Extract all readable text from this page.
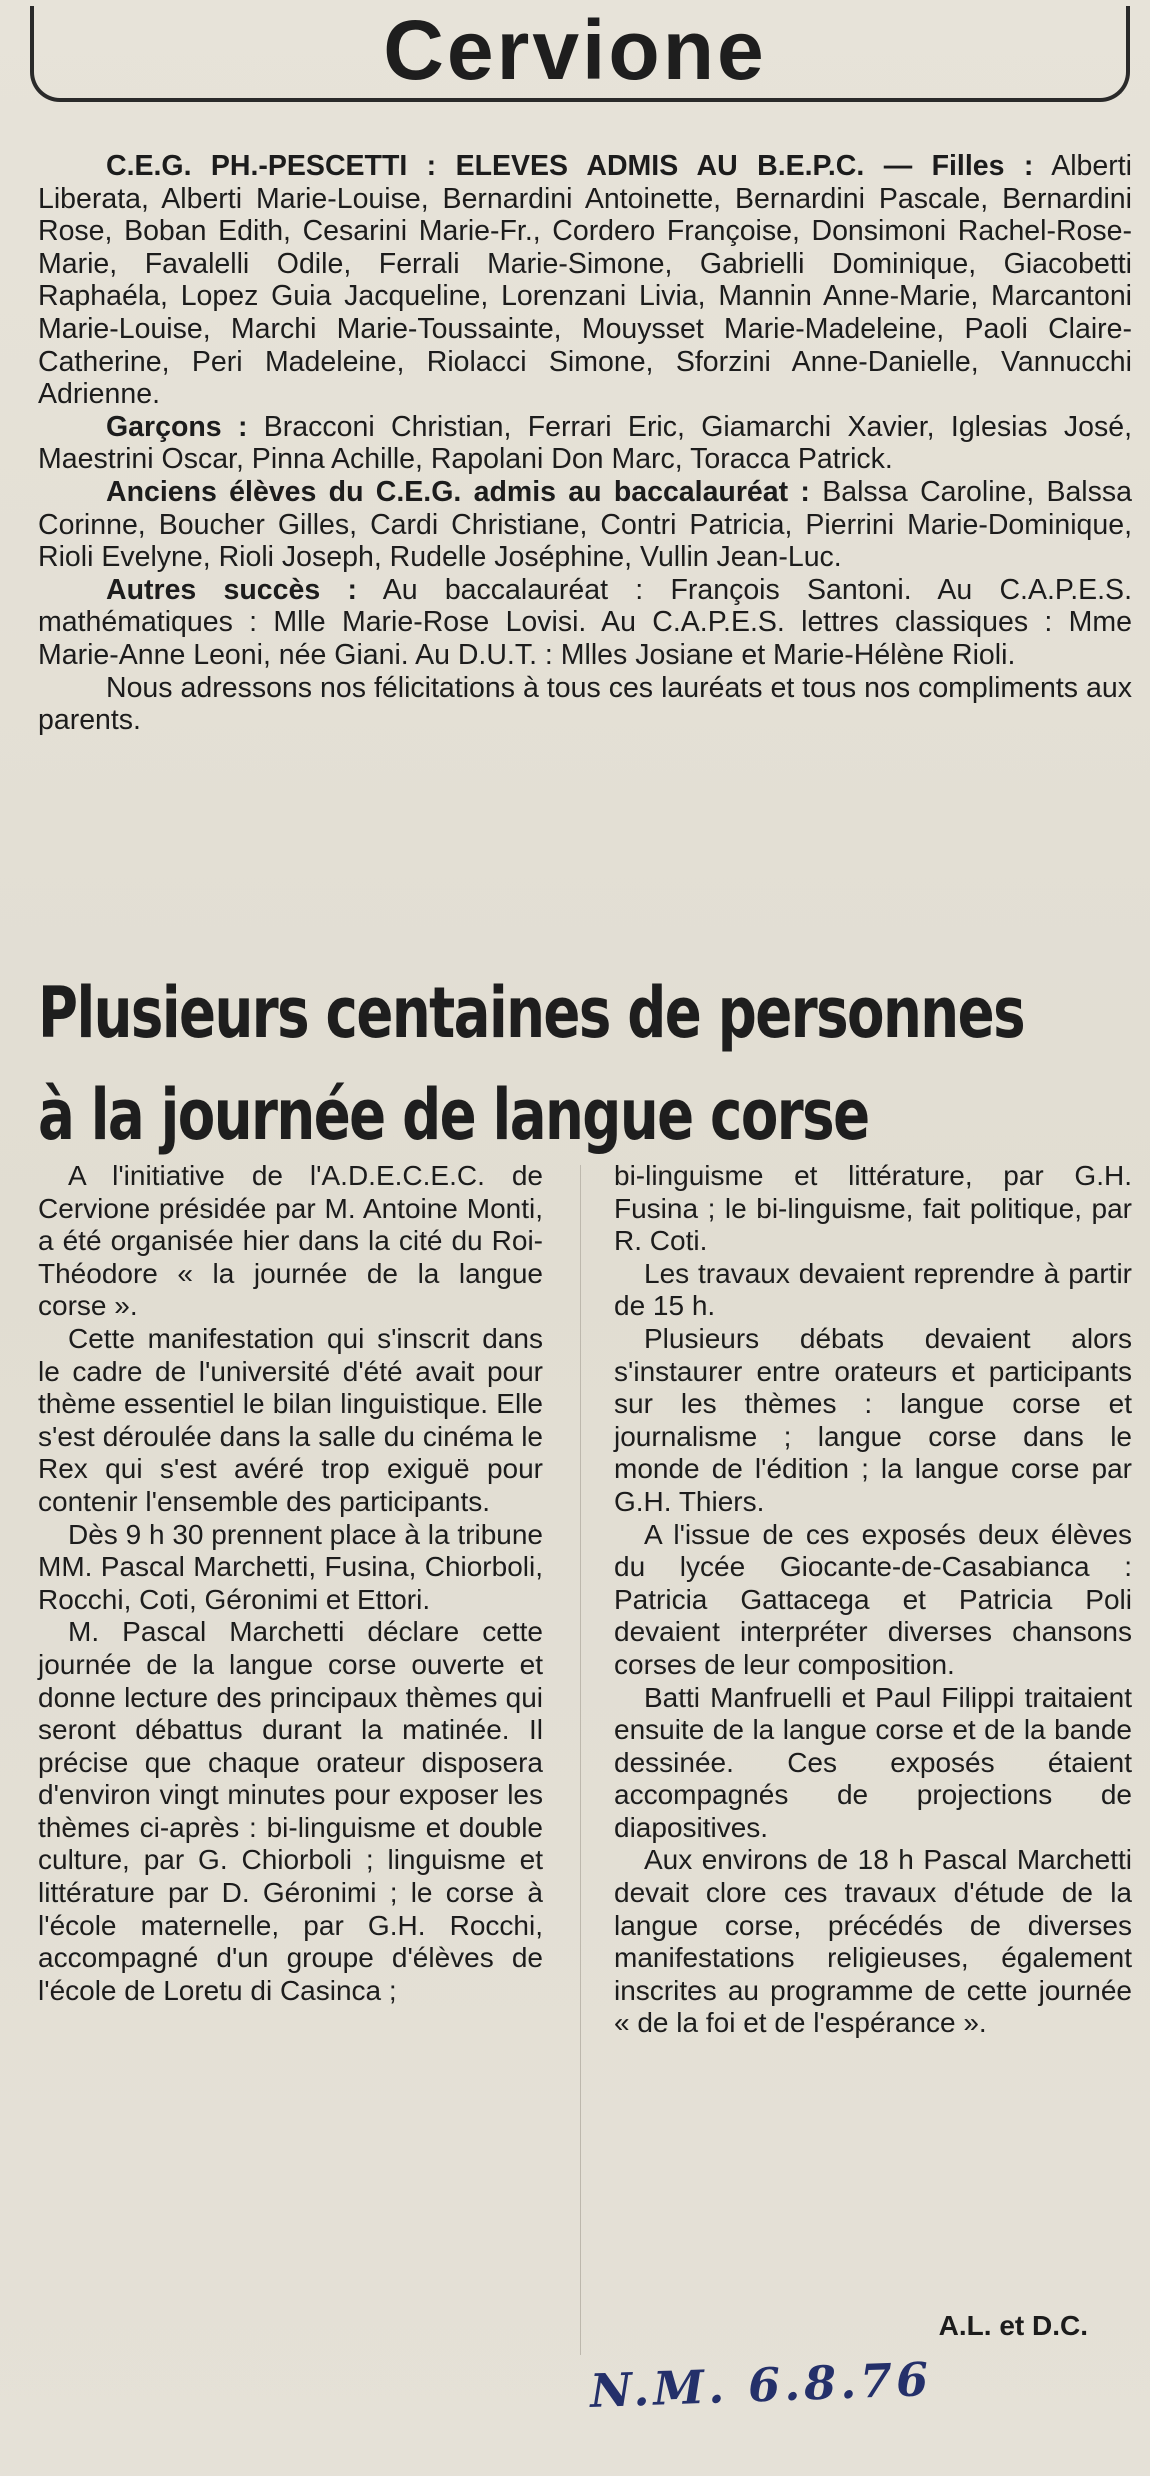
Cervione

C.E.G. PH.-PESCETTI : ELEVES ADMIS AU B.E.P.C. — Filles : Alberti Liberata, Alberti Marie-Louise, Bernardini Antoinette, Bernardini Pascale, Bernardini Rose, Boban Edith, Cesarini Marie-Fr., Cordero Françoise, Donsimoni Rachel-Rose-Marie, Favalelli Odile, Ferrali Marie-Simone, Gabrielli Dominique, Giacobetti Raphaéla, Lopez Guia Jacqueline, Lorenzani Livia, Mannin Anne-Marie, Marcantoni Marie-Louise, Marchi Marie-Toussainte, Mouysset Marie-Madeleine, Paoli Claire-Catherine, Peri Madeleine, Riolacci Simone, Sforzini Anne-Danielle, Vannucchi Adrienne.

Garçons : Bracconi Christian, Ferrari Eric, Giamarchi Xavier, Iglesias José, Maestrini Oscar, Pinna Achille, Rapolani Don Marc, Toracca Patrick.

Anciens élèves du C.E.G. admis au baccalauréat : Balssa Caroline, Balssa Corinne, Boucher Gilles, Cardi Christiane, Contri Patricia, Pierrini Marie-Dominique, Rioli Evelyne, Rioli Joseph, Rudelle Joséphine, Vullin Jean-Luc.

Autres succès : Au baccalauréat : François Santoni. Au C.A.P.E.S. mathématiques : Mlle Marie-Rose Lovisi. Au C.A.P.E.S. lettres classiques : Mme Marie-Anne Leoni, née Giani. Au D.U.T. : Mlles Josiane et Marie-Hélène Rioli.

Nous adressons nos félicitations à tous ces lauréats et tous nos compliments aux parents.

Plusieurs centaines de personnes
à la journée de langue corse

A l'initiative de l'A.D.E.C.E.C. de Cervione présidée par M. Antoine Monti, a été organisée hier dans la cité du Roi-Théodore « la journée de la langue corse ».

Cette manifestation qui s'inscrit dans le cadre de l'université d'été avait pour thème essentiel le bilan linguistique. Elle s'est déroulée dans la salle du cinéma le Rex qui s'est avéré trop exiguë pour contenir l'ensemble des participants.

Dès 9 h 30 prennent place à la tribune MM. Pascal Marchetti, Fusina, Chiorboli, Rocchi, Coti, Géronimi et Ettori.

M. Pascal Marchetti déclare cette journée de la langue corse ouverte et donne lecture des principaux thèmes qui seront débattus durant la matinée. Il précise que chaque orateur disposera d'environ vingt minutes pour exposer les thèmes ci-après : bi-linguisme et double culture, par G. Chiorboli ; linguisme et littérature par D. Géronimi ; le corse à l'école maternelle, par G.H. Rocchi, accompagné d'un groupe d'élèves de l'école de Loretu di Casinca ;

bi-linguisme et littérature, par G.H. Fusina ; le bi-linguisme, fait politique, par R. Coti.

Les travaux devaient reprendre à partir de 15 h.

Plusieurs débats devaient alors s'instaurer entre orateurs et participants sur les thèmes : langue corse et journalisme ; langue corse dans le monde de l'édition ; la langue corse par G.H. Thiers.

A l'issue de ces exposés deux élèves du lycée Giocante-de-Casabianca : Patricia Gattacega et Patricia Poli devaient interpréter diverses chansons corses de leur composition.

Batti Manfruelli et Paul Filippi traitaient ensuite de la langue corse et de la bande dessinée. Ces exposés étaient accompagnés de projections de diapositives.

Aux environs de 18 h Pascal Marchetti devait clore ces travaux d'étude de la langue corse, précédés de diverses manifestations religieuses, également inscrites au programme de cette journée « de la foi et de l'espérance ».

A.L. et D.C.

N.M. 6.8.76
